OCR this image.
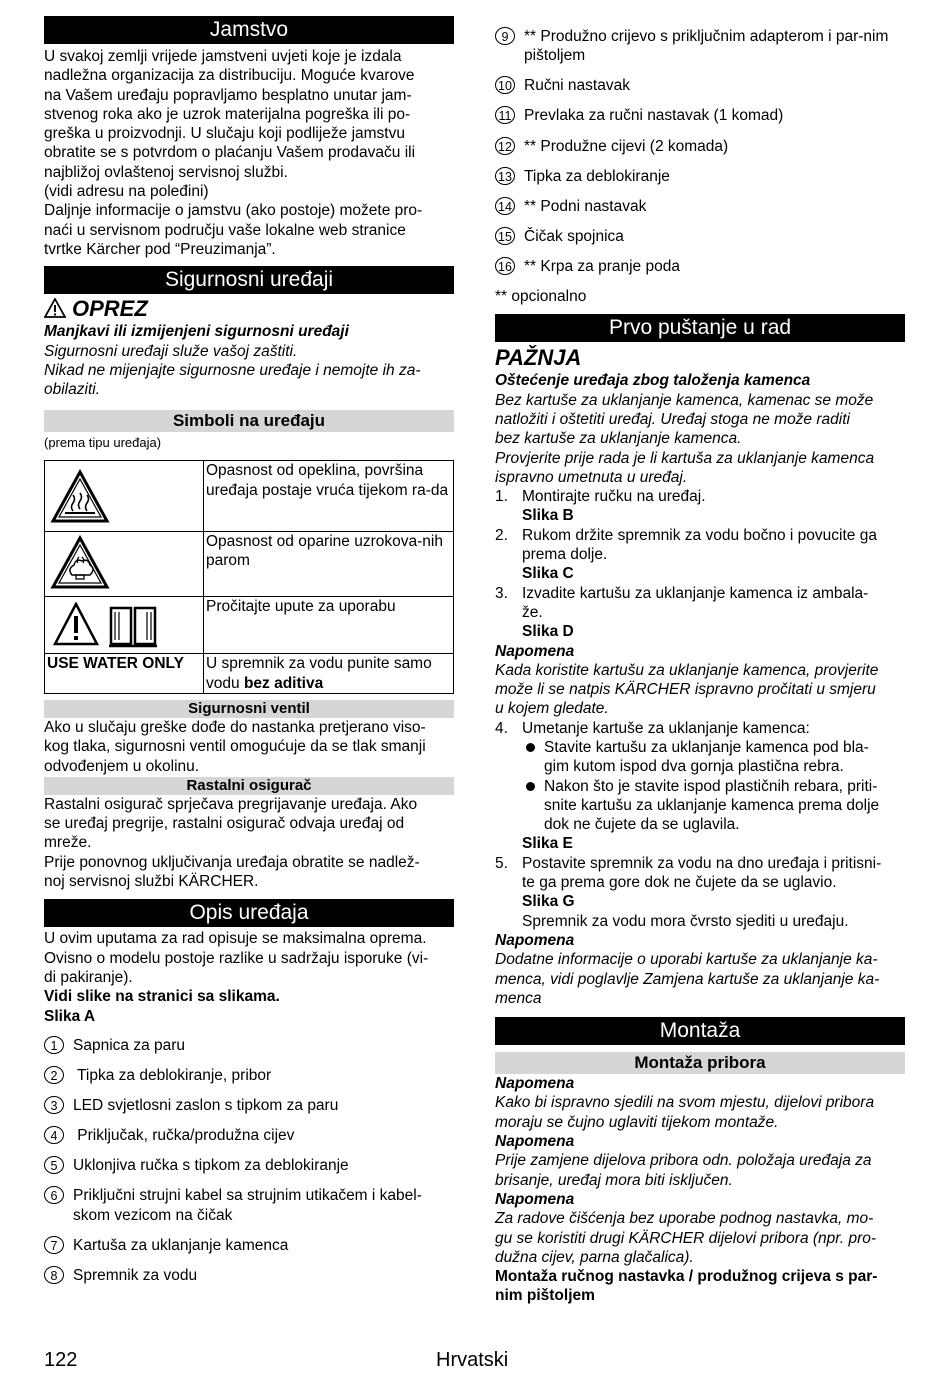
Jamstvo

U svakoj zemlji vrijede jamstveni uvjeti koje je izdala

nadležna organizacija za distribuciju. Moguće kvarove

na Vašem uređaju popravljamo besplatno unutar jam-

stvenog roka ako je uzrok materijalna pogreška ili po-

greška u proizvodnji. U slučaju koji podliježe jamstvu

obratite se s potvrdom o plaćanju Vašem prodavaču ili

najbližoj ovlaštenoj servisnoj službi.

(vidi adresu na poleđini)

Daljnje informacije o jamstvu (ako postoje) možete pro-

naći u servisnom području vaše lokalne web stranice

tvrtke Kärcher pod “Preuzimanja”.

Sigurnosni uređaji
OPREZ

Manjkavi ili izmijenjeni sigurnosni uređaji

Sigurnosni uređaji služe vašoj zaštiti.

Nikad ne mijenjajte sigurnosne uređaje i nemojte ih za-

obilaziti.

Simboli na uređaju

(prema tipu uređaja)

	Opasnost od opeklina, površina uređaja postaje vruća tijekom ra-da
	Opasnost od oparine uzrokova-nih parom
	Pročitajte upute za uporabu
USE WATER ONLY	U spremnik za vodu punite samo vodu bez aditiva
Sigurnosni ventil

Ako u slučaju greške dođe do nastanka pretjerano viso-

kog tlaka, sigurnosni ventil omogućuje da se tlak smanji

odvođenjem u okolinu.

Rastalni osigurač

Rastalni osigurač sprječava pregrijavanje uređaja. Ako

se uređaj pregrije, rastalni osigurač odvaja uređaj od

mreže.

Prije ponovnog uključivanja uređaja obratite se nadlež-

noj servisnoj službi KÄRCHER.

Opis uređaja

U ovim uputama za rad opisuje se maksimalna oprema.

Ovisno o modelu postoje razlike u sadržaju isporuke (vi-

di pakiranje).

Vidi slike na stranici sa slikama.

Slika A

1	Sapnica za paru
2	Tipka za deblokiranje, pribor
3	LED svjetlosni zaslon s tipkom za paru
4	Priključak, ručka/produžna cijev
5	Uklonjiva ručka s tipkom za deblokiranje
6	Priključni strujni kabel sa strujnim utikačem i kabel-skom vezicom na čičak
7	Kartuša za uklanjanje kamenca
8	Spremnik za vodu
9	** Produžno crijevo s priključnim adapterom i par-nim pištoljem
10 Ručni nastavak
11 Prevlaka za ručni nastavak (1 komad)
12 ** Produžne cijevi (2 komada)
13 Tipka za deblokiranje
14 ** Podni nastavak
15 Čičak spojnica
16 ** Krpa za pranje poda

** opcionalno

Prvo puštanje u rad
PAŽNJA

Oštećenje uređaja zbog taloženja kamenca

Bez kartuše za uklanjanje kamenca, kamenac se može

natložiti i oštetiti uređaj. Uređaj stoga ne može raditi

bez kartuše za uklanjanje kamenca.

Provjerite prije rada je li kartuša za uklanjanje kamenca

ispravno umetnuta u uređaj.

1. Montirajte ručku na uređaj.

Slika B

2. Rukom držite spremnik za vodu bočno i povucite ga
prema dolje.

Slika C

3. Izvadite kartušu za uklanjanje kamenca iz ambala-
že.

Slika D

Napomena

Kada koristite kartušu za uklanjanje kamenca, provjerite

može li se natpis KÄRCHER ispravno pročitati u smjeru

u kojem gledate.

4. Umetanje kartuše za uklanjanje kamenca:
Stavite kartušu za uklanjanje kamenca pod bla-
gim kutom ispod dva gornja plastična rebra.
Nakon što je stavite ispod plastičnih rebara, priti-
snite kartušu za uklanjanje kamenca prema dolje
dok ne čujete da se uglavila.

Slika E

5. Postavite spremnik za vodu na dno uređaja i pritisni-
te ga prema gore dok ne čujete da se uglavio.

Slika G

Spremnik za vodu mora čvrsto sjediti u uređaju.

Napomena

Dodatne informacije o uporabi kartuše za uklanjanje ka-

menca, vidi poglavlje Zamjena kartuše za uklanjanje ka-

menca

Montaža
Montaža pribora

Napomena

Kako bi ispravno sjedili na svom mjestu, dijelovi pribora

moraju se čujno uglaviti tijekom montaže.

Napomena

Prije zamjene dijelova pribora odn. položaja uređaja za

brisanje, uređaj mora biti isključen.

Napomena

Za radove čišćenja bez uporabe podnog nastavka, mo-

gu se koristiti drugi KÄRCHER dijelovi pribora (npr. pro-

dužna cijev, parna glačalica).

Montaža ručnog nastavka / produžnog crijeva s par-

nim pištoljem

122	Hrvatski
